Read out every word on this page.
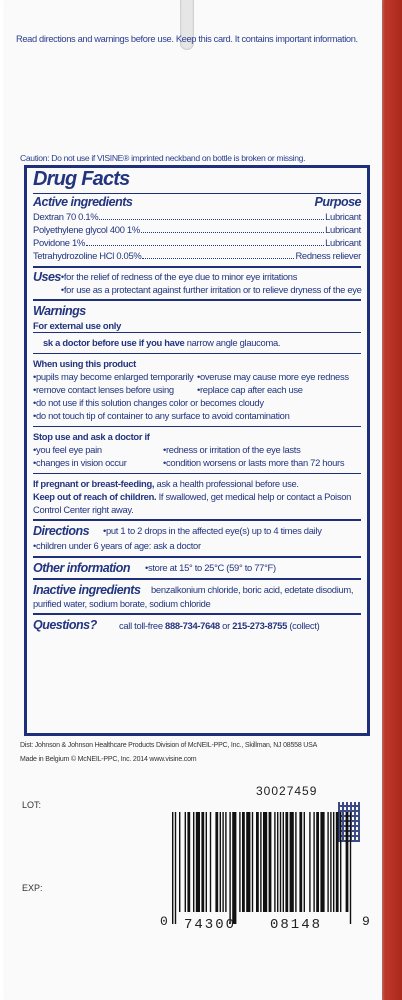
Read directions and warnings before use. Keep this card. It contains important information.
Caution: Do not use if VISINE® imprinted neckband on bottle is broken or missing.
Drug Facts
Active ingredients	Purpose
Dextran 70 0.1%	Lubricant
Polyethylene glycol 400 1%	Lubricant
Povidone 1%	Lubricant
Tetrahydrozoline HCl 0.05%	Redness reliever
Uses • for the relief of redness of the eye due to minor eye irritations
• for use as a protectant against further irritation or to relieve dryness of the eye
Warnings
For external use only
sk a doctor before use if you have narrow angle glaucoma.
When using this product
• pupils may become enlarged temporarily
• remove contact lenses before using
• overuse may cause more eye redness
• replace cap after each use
• do not use if this solution changes color or becomes cloudy
• do not touch tip of container to any surface to avoid contamination
Stop use and ask a doctor if
• you feel eye pain
• changes in vision occur
• redness or irritation of the eye lasts
• condition worsens or lasts more than 72 hours
If pregnant or breast-feeding, ask a health professional before use.
Keep out of reach of children. If swallowed, get medical help or contact a Poison
Control Center right away.
Directions	• put 1 to 2 drops in the affected eye(s) up to 4 times daily
• children under 6 years of age: ask a doctor
Other information	• store at 15° to 25°C (59° to 77°F)
Inactive ingredients	benzalkonium chloride, boric acid, edetate disodium,
purified water, sodium borate, sodium chloride
Questions?	call toll-free 888-734-7648 or 215-273-8755 (collect)
Dist: Johnson & Johnson Healthcare Products Division of McNEIL-PPC, Inc., Skillman, NJ 08558 USA
Made in Belgium © McNEIL-PPC, Inc. 2014 www.visine.com
30027459
LOT:
EXP:
0 74300 08148	9
